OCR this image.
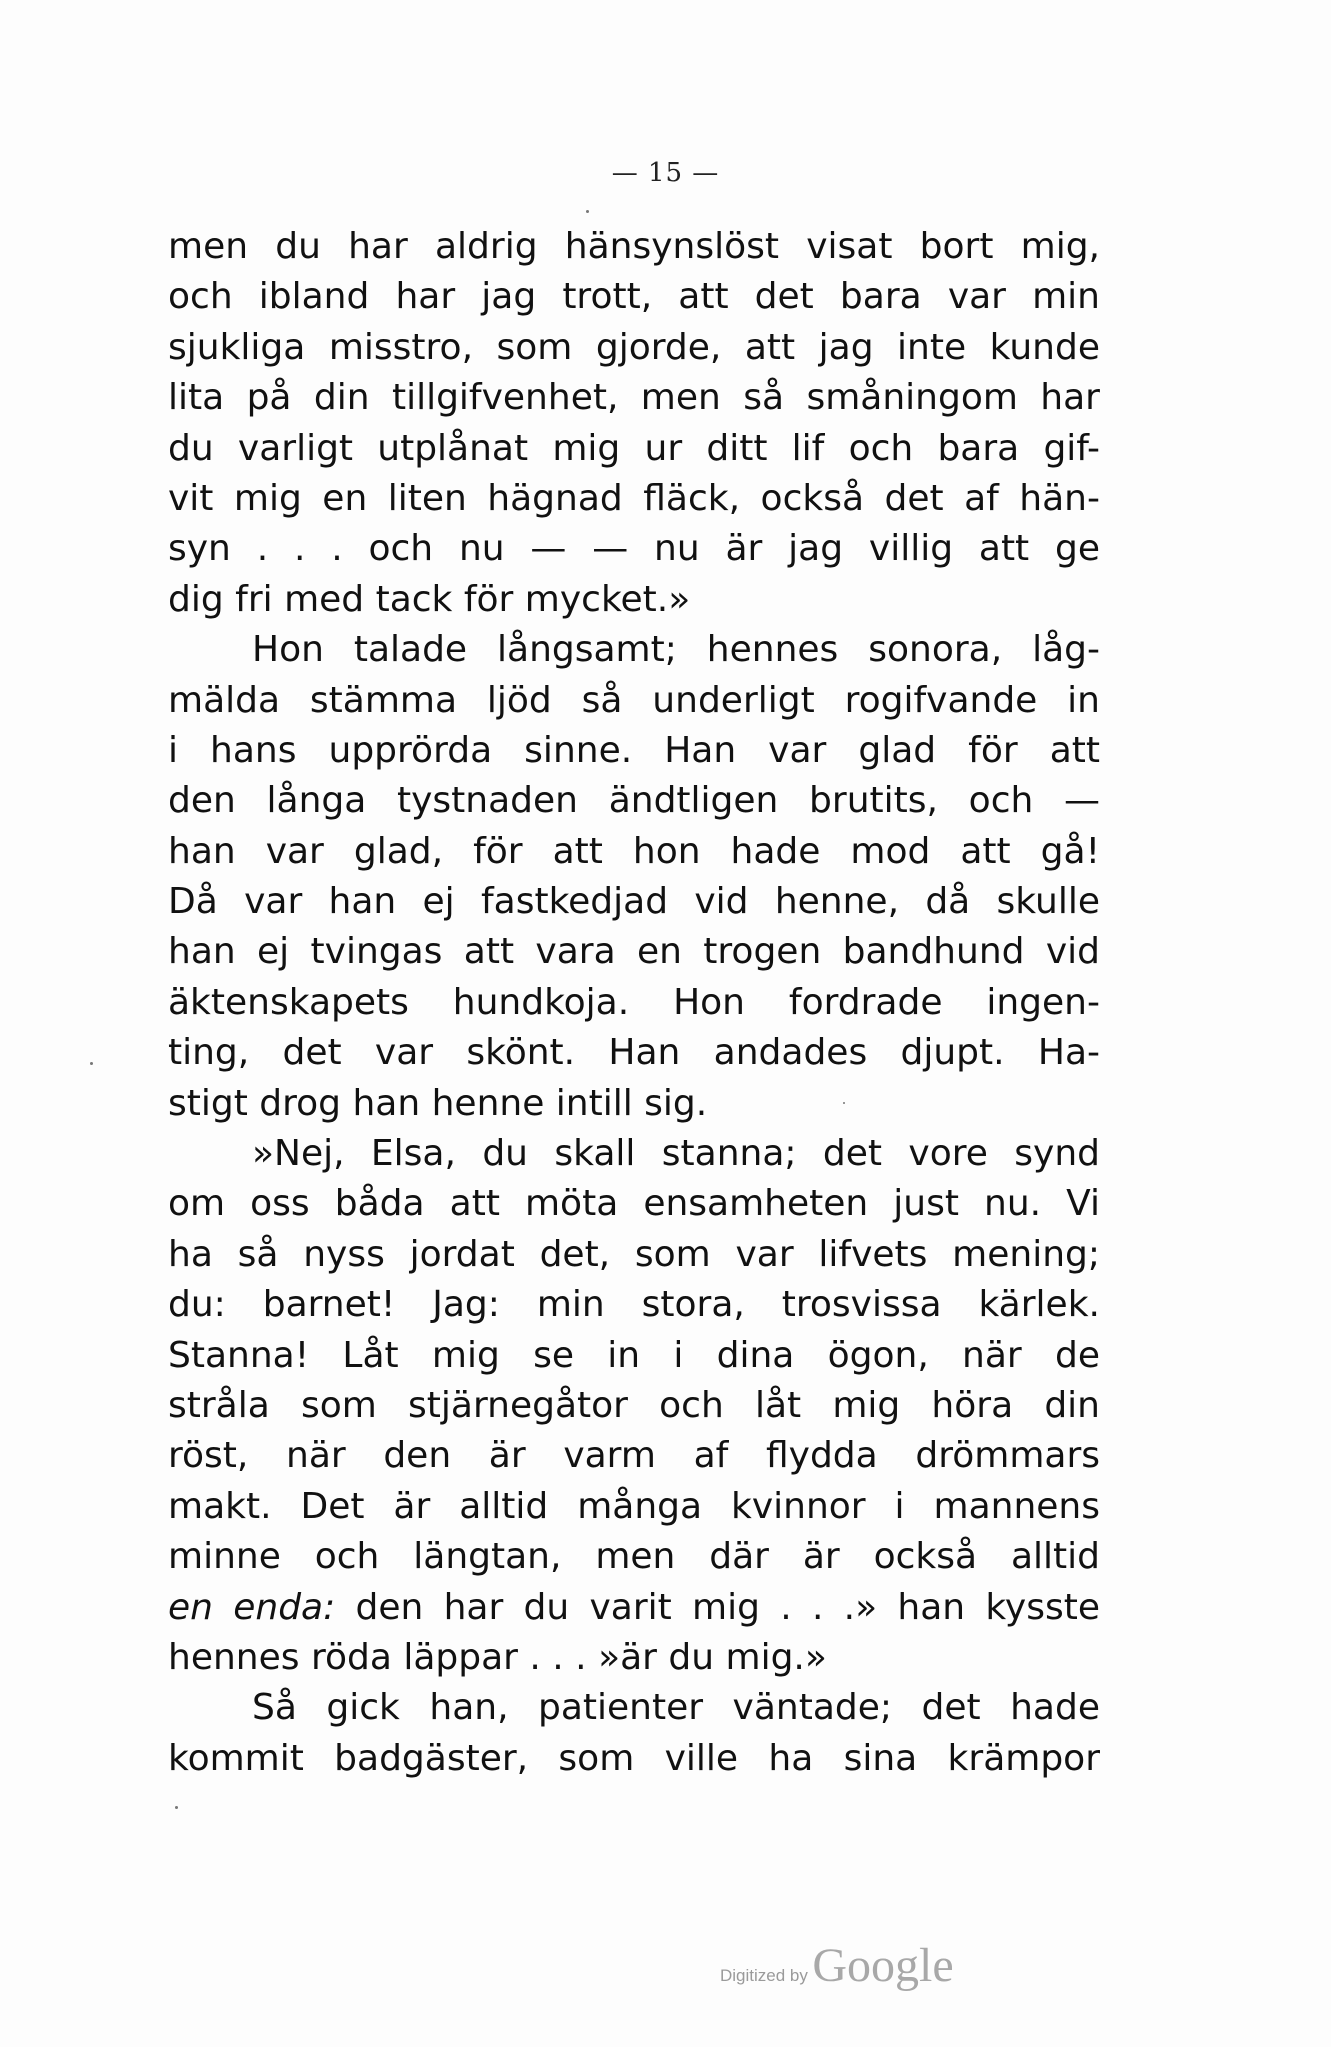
— 15 —
men du har aldrig hänsynslöst visat bort mig,
och ibland har jag trott, att det bara var min
sjukliga misstro, som gjorde, att jag inte kunde
lita på din tillgifvenhet, men så småningom har
du varligt utplånat mig ur ditt lif och bara gif-
vit mig en liten hägnad fläck, också det af hän-
syn . . . och nu — — nu är jag villig att ge
dig fri med tack för mycket.»
Hon talade långsamt; hennes sonora, låg-
mälda stämma ljöd så underligt rogifvande in
i hans upprörda sinne. Han var glad för att
den långa tystnaden ändtligen brutits, och —
han var glad, för att hon hade mod att gå!
Då var han ej fastkedjad vid henne, då skulle
han ej tvingas att vara en trogen bandhund vid
äktenskapets hundkoja. Hon fordrade ingen-
ting, det var skönt. Han andades djupt. Ha-
stigt drog han henne intill sig.
»Nej, Elsa, du skall stanna; det vore synd
om oss båda att möta ensamheten just nu. Vi
ha så nyss jordat det, som var lifvets mening;
du: barnet! Jag: min stora, trosvissa kärlek.
Stanna! Låt mig se in i dina ögon, när de
stråla som stjärnegåtor och låt mig höra din
röst, när den är varm af flydda drömmars
makt. Det är alltid många kvinnor i mannens
minne och längtan, men där är också alltid
en enda: den har du varit mig . . .» han kysste
hennes röda läppar . . . »är du mig.»
Så gick han, patienter väntade; det hade
kommit badgäster, som ville ha sina krämpor
Digitized by Google
